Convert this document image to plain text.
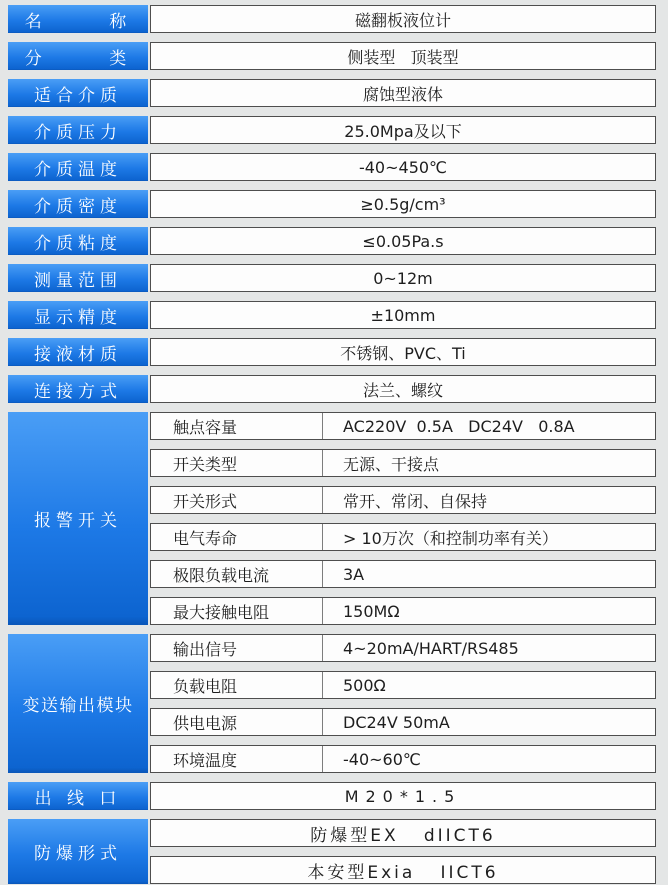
名      称	磁翻板液位计
分      类	侧装型   顶装型
适合介质	腐蚀型液体
介质压力	25.0Mpa及以下
介质温度	-40~450℃
介质密度	≥0.5g/cm³
介质粘度	≤0.05Pa.s
测量范围	0~12m
显示精度	±10mm
接液材质	不锈钢、PVC、Ti
连接方式	法兰、螺纹
报警开关
触点容量	AC220V  0.5A   DC24V   0.8A
开关类型	无源、干接点
开关形式	常开、常闭、自保持
电气寿命	> 10万次（和控制功率有关）
极限负载电流	3A
最大接触电阻	150MΩ
变送输出模块
输出信号	4~20mA/HART/RS485
负载电阻	500Ω
供电电源	DC24V 50mA
环境温度	-40~60℃
出 线 口	M20*1.5
防爆形式
防爆型EX   dIICT6
本安型Exia   IICT6
